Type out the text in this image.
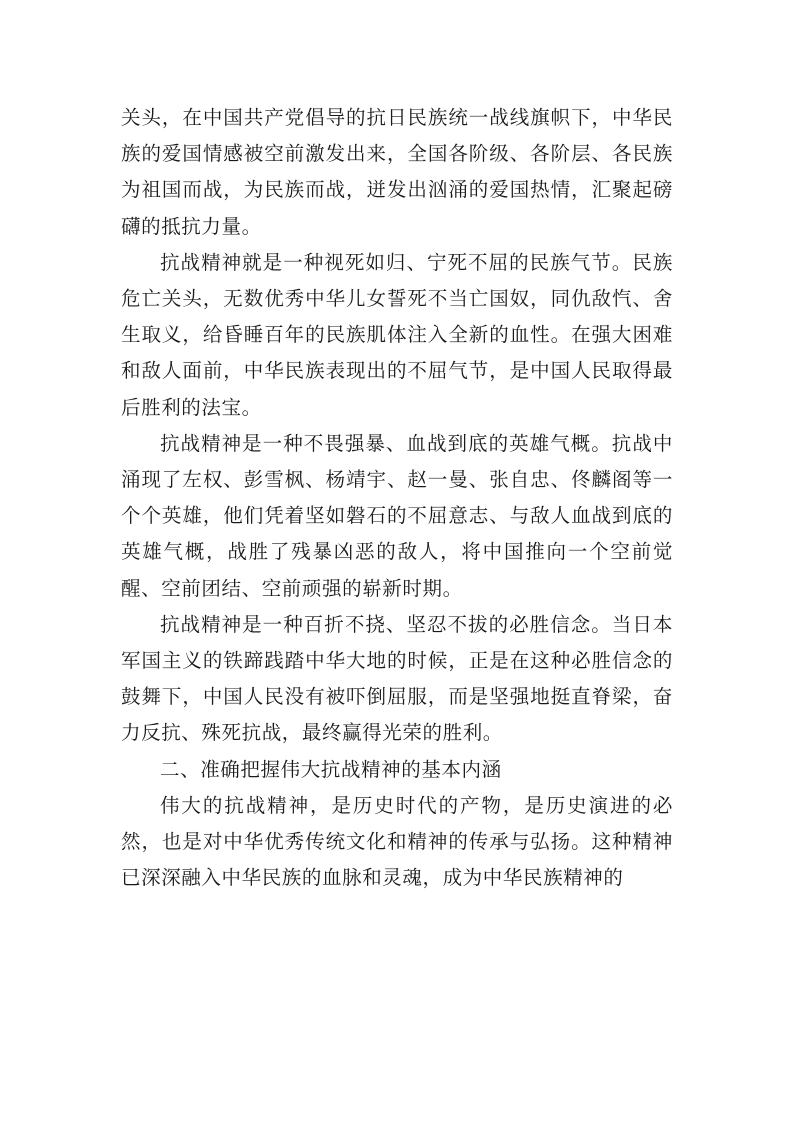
关头，在中国共产党倡导的抗日民族统一战线旗帜下，中华民族的爱国情感被空前激发出来，全国各阶级、各阶层、各民族为祖国而战，为民族而战，迸发出汹涌的爱国热情，汇聚起磅礴的抵抗力量。

抗战精神就是一种视死如归、宁死不屈的民族气节。民族危亡关头，无数优秀中华儿女誓死不当亡国奴，同仇敌忾、舍生取义，给昏睡百年的民族肌体注入全新的血性。在强大困难和敌人面前，中华民族表现出的不屈气节，是中国人民取得最后胜利的法宝。

抗战精神是一种不畏强暴、血战到底的英雄气概。抗战中涌现了左权、彭雪枫、杨靖宇、赵一曼、张自忠、佟麟阁等一个个英雄，他们凭着坚如磐石的不屈意志、与敌人血战到底的英雄气概，战胜了残暴凶恶的敌人，将中国推向一个空前觉醒、空前团结、空前顽强的崭新时期。

抗战精神是一种百折不挠、坚忍不拔的必胜信念。当日本军国主义的铁蹄践踏中华大地的时候，正是在这种必胜信念的鼓舞下，中国人民没有被吓倒屈服，而是坚强地挺直脊梁，奋力反抗、殊死抗战，最终赢得光荣的胜利。

二、准确把握伟大抗战精神的基本内涵

伟大的抗战精神，是历史时代的产物，是历史演进的必然，也是对中华优秀传统文化和精神的传承与弘扬。这种精神已深深融入中华民族的血脉和灵魂，成为中华民族精神的
